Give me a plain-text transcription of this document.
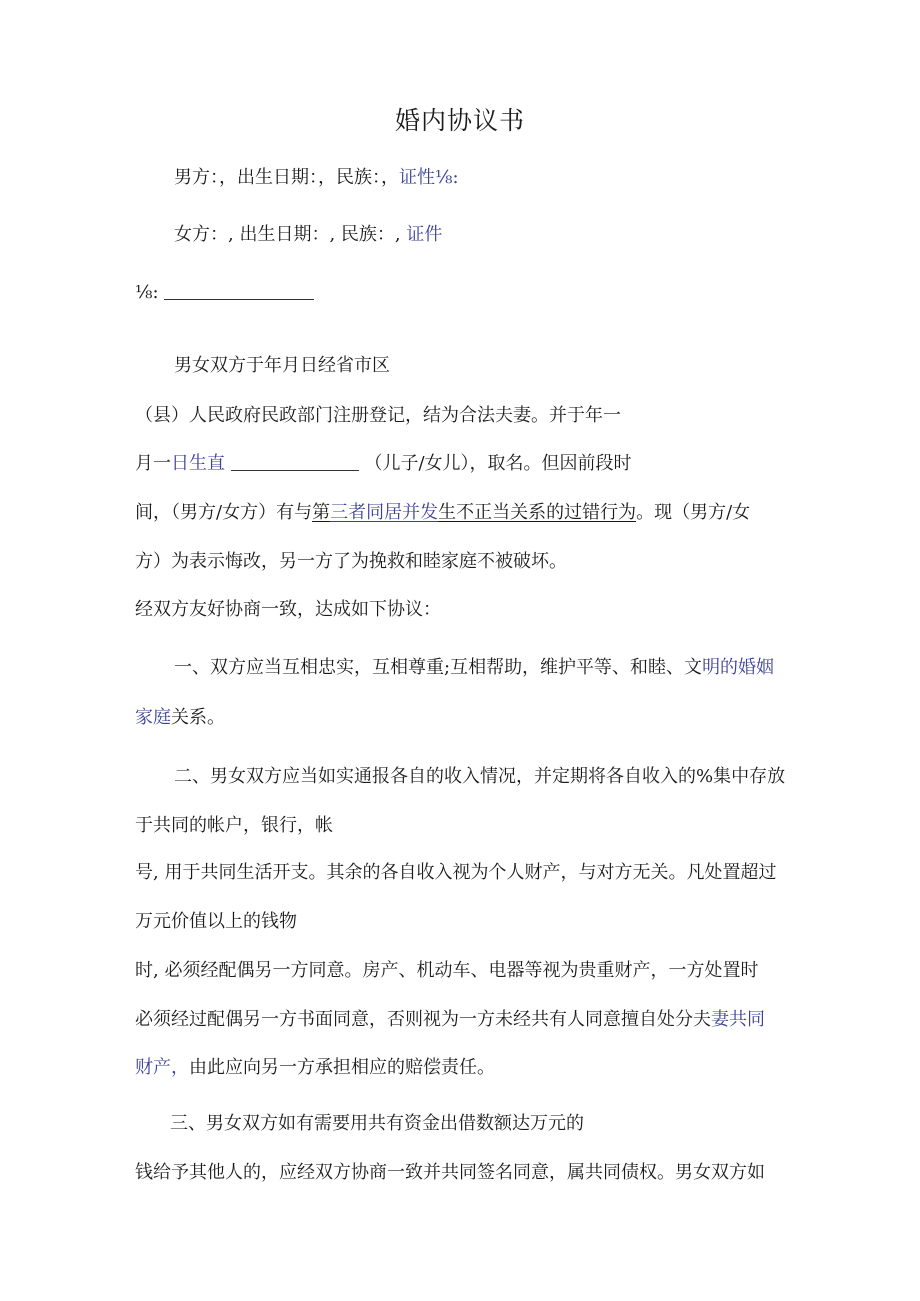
婚内协议书
男方：，出生日期：，民族：，证性⅛:
女方：, 出生日期：, 民族：, 证件
⅛:
男女双方于年月日经省市区
（县）人民政府民政部门注册登记，结为合法夫妻。并于年一
月一日生直	（儿子/女儿），取名。但因前段时
间，（男方/女方）有与第三者同居并发生不正当关系的过错行为。现（男方/女
方）为表示悔改，另一方了为挽救和睦家庭不被破坏。
经双方友好协商一致，达成如下协议：
一、双方应当互相忠实，互相尊重;互相帮助，维护平等、和睦、文明的婚姻
家庭关系。
二、男女双方应当如实通报各自的收入情况，并定期将各自收入的%集中存放
于共同的帐户，银行，帐
号, 用于共同生活开支。其余的各自收入视为个人财产，与对方无关。凡处置超过
万元价值以上的钱物
时, 必须经配偶另一方同意。房产、机动车、电器等视为贵重财产，一方处置时
必须经过配偶另一方书面同意，否则视为一方未经共有人同意擅自处分夫妻共同
财产，由此应向另一方承担相应的赔偿责任。
三、男女双方如有需要用共有资金出借数额达万元的
钱给予其他人的，应经双方协商一致并共同签名同意，属共同债权。男女双方如
